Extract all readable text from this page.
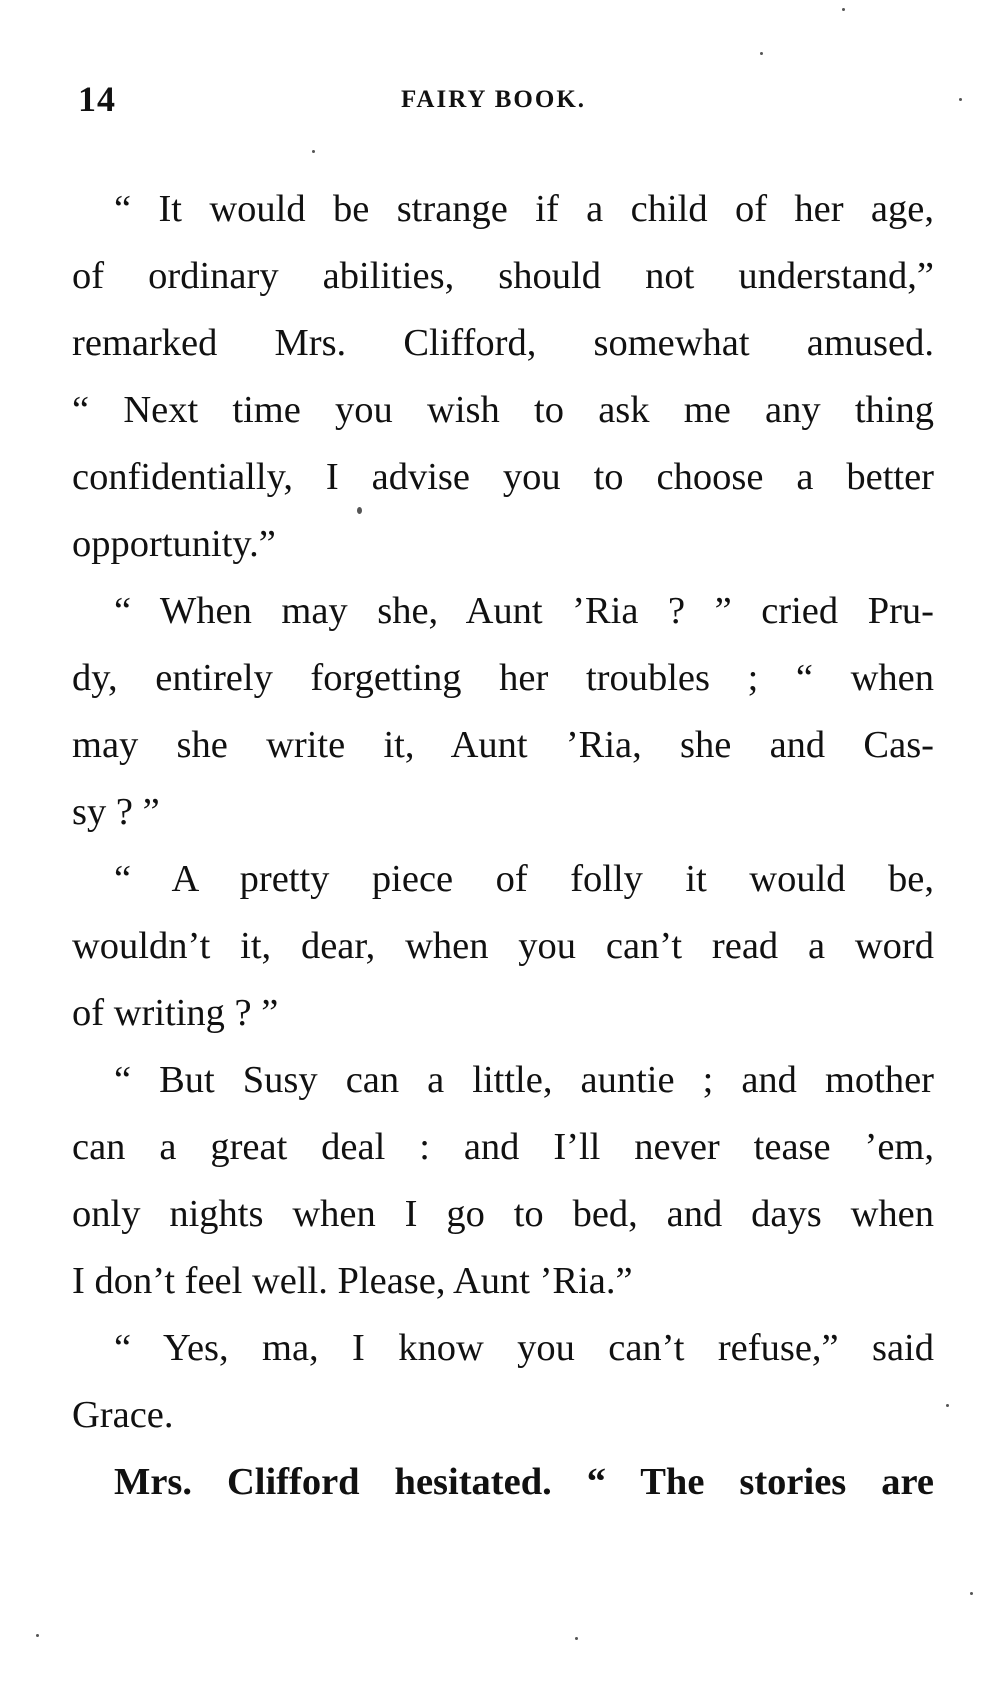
14	FAIRY BOOK.
“ It would be strange if a child of her age,
of ordinary abilities, should not understand,”
remarked Mrs. Clifford, somewhat amused.
“ Next time you wish to ask me any thing
confidentially, I advise you to choose a better
opportunity.”
“ When may she, Aunt ’Ria ? ” cried Pru-
dy, entirely forgetting her troubles ; “ when
may she write it, Aunt ’Ria, she and Cas-
sy ? ”
“ A pretty piece of folly it would be,
wouldn’t it, dear, when you can’t read a word
of writing ? ”
“ But Susy can a little, auntie ; and mother
can a great deal : and I’ll never tease ’em,
only nights when I go to bed, and days when
I don’t feel well. Please, Aunt ’Ria.”
“ Yes, ma, I know you can’t refuse,” said
Grace.
Mrs. Clifford hesitated. “ The stories are
